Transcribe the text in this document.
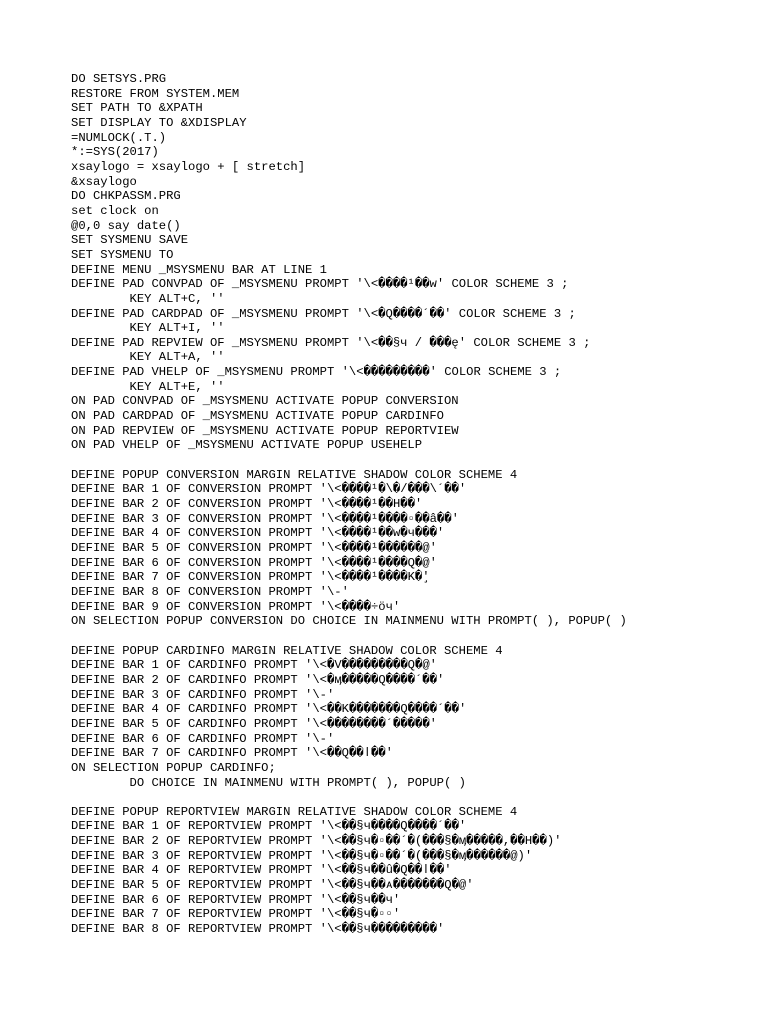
DO SETSYS.PRG
RESTORE FROM SYSTEM.MEM
SET PATH TO &XPATH
SET DISPLAY TO &XDISPLAY
=NUMLOCK(.T.)
*:=SYS(2017)
xsaylogo = xsaylogo + [ stretch]
&xsaylogo
DO CHKPASSM.PRG
set clock on
@0,0 say date()
SET SYSMENU SAVE
SET SYSMENU TO
DEFINE MENU _MSYSMENU BAR AT LINE 1
DEFINE PAD CONVPAD OF _MSYSMENU PROMPT '\<����¹��w' COLOR SCHEME 3 ;
KEY ALT+C, ''
DEFINE PAD CARDPAD OF _MSYSMENU PROMPT '\<�Q����´��' COLOR SCHEME 3 ;
KEY ALT+I, ''
DEFINE PAD REPVIEW OF _MSYSMENU PROMPT '\<��§ч / ���ę' COLOR SCHEME 3 ;
KEY ALT+A, ''
DEFINE PAD VHELP OF _MSYSMENU PROMPT '\<���������' COLOR SCHEME 3 ;
KEY ALT+E, ''
ON PAD CONVPAD OF _MSYSMENU ACTIVATE POPUP CONVERSION
ON PAD CARDPAD OF _MSYSMENU ACTIVATE POPUP CARDINFO
ON PAD REPVIEW OF _MSYSMENU ACTIVATE POPUP REPORTVIEW
ON PAD VHELP OF _MSYSMENU ACTIVATE POPUP USEHELP
DEFINE POPUP CONVERSION MARGIN RELATIVE SHADOW COLOR SCHEME 4
DEFINE BAR 1 OF CONVERSION PROMPT '\<����¹�\�/���\´��'
DEFINE BAR 2 OF CONVERSION PROMPT '\<����¹��H��'
DEFINE BAR 3 OF CONVERSION PROMPT '\<����¹����▫��â��'
DEFINE BAR 4 OF CONVERSION PROMPT '\<����¹��w�ч���'
DEFINE BAR 5 OF CONVERSION PROMPT '\<����¹������@'
DEFINE BAR 6 OF CONVERSION PROMPT '\<����¹����Q�@'
DEFINE BAR 7 OF CONVERSION PROMPT '\<����¹����K�̧'
DEFINE BAR 8 OF CONVERSION PROMPT '\-'
DEFINE BAR 9 OF CONVERSION PROMPT '\<����÷öч'
ON SELECTION POPUP CONVERSION DO CHOICE IN MAINMENU WITH PROMPT( ), POPUP( )
DEFINE POPUP CARDINFO MARGIN RELATIVE SHADOW COLOR SCHEME 4
DEFINE BAR 1 OF CARDINFO PROMPT '\<�V���������Q�@'
DEFINE BAR 2 OF CARDINFO PROMPT '\<�ӎ�����Q����´��'
DEFINE BAR 3 OF CARDINFO PROMPT '\-'
DEFINE BAR 4 OF CARDINFO PROMPT '\<��K�������Q����´��'
DEFINE BAR 5 OF CARDINFO PROMPT '\<��������´�����'
DEFINE BAR 6 OF CARDINFO PROMPT '\-'
DEFINE BAR 7 OF CARDINFO PROMPT '\<��Q��ǀ��'
ON SELECTION POPUP CARDINFO;
DO CHOICE IN MAINMENU WITH PROMPT( ), POPUP( )
DEFINE POPUP REPORTVIEW MARGIN RELATIVE SHADOW COLOR SCHEME 4
DEFINE BAR 1 OF REPORTVIEW PROMPT '\<��§ч����Q����´��'
DEFINE BAR 2 OF REPORTVIEW PROMPT '\<��§ч�▫��´�(���§�ӎ�����,��H��)'
DEFINE BAR 3 OF REPORTVIEW PROMPT '\<��§ч�▫��´�(���§�ӎ������@)'
DEFINE BAR 4 OF REPORTVIEW PROMPT '\<��§ч��û�Q��ǀ��'
DEFINE BAR 5 OF REPORTVIEW PROMPT '\<��§ч��ᴀ�������Q�@'
DEFINE BAR 6 OF REPORTVIEW PROMPT '\<��§ч��ч'
DEFINE BAR 7 OF REPORTVIEW PROMPT '\<��§ч�▫▫'
DEFINE BAR 8 OF REPORTVIEW PROMPT '\<��§ч���������'
